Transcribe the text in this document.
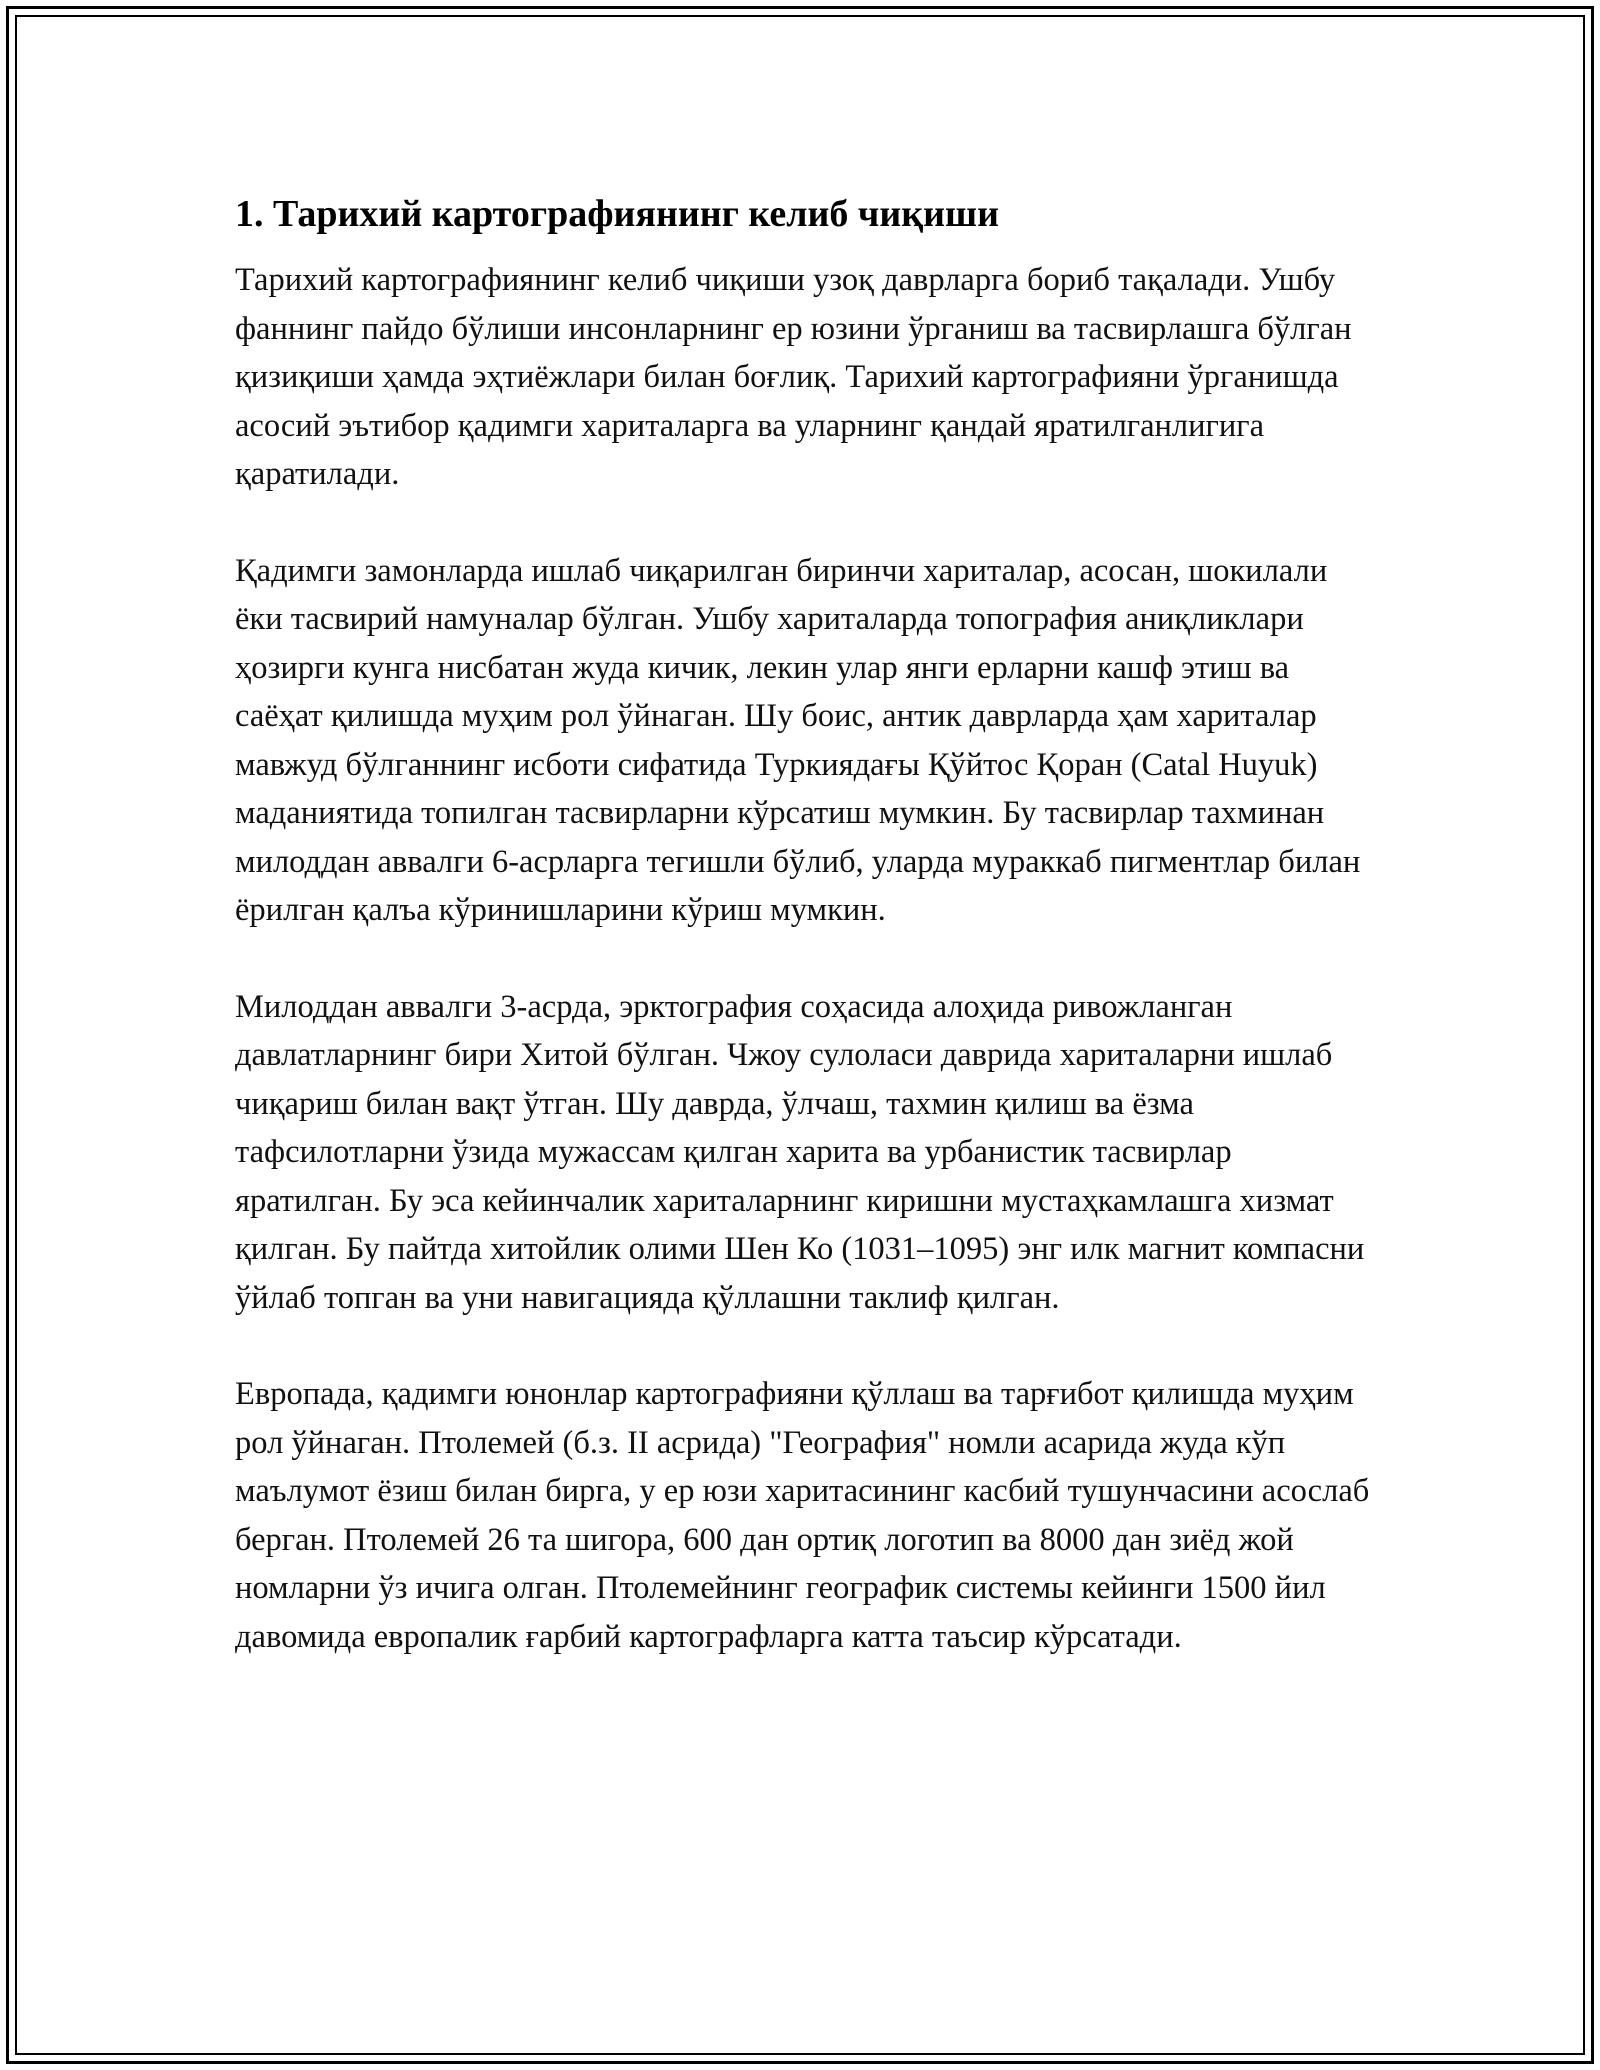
1. Тарихий картографиянинг келиб чиқиши

Тарихий картографиянинг келиб чиқиши узоқ даврларга бориб тақалади. Ушбу фаннинг пайдо бўлиши инсонларнинг ер юзини ўрганиш ва тасвирлашга бўлган қизиқиши ҳамда эҳтиёжлари билан боғлиқ. Тарихий картографияни ўрганишда асосий эътибор қадимги хариталарга ва уларнинг қандай яратилганлигига қаратилади.

Қадимги замонларда ишлаб чиқарилган биринчи хариталар, асосан, шокилали ёки тасвирий намуналар бўлган. Ушбу хариталарда топография аниқликлари ҳозирги кунга нисбатан жуда кичик, лекин улар янги ерларни кашф этиш ва саёҳат қилишда муҳим рол ўйнаган. Шу боис, антик даврларда ҳам хариталар мавжуд бўлганнинг исботи сифатида Туркиядағы Қўйтос Қоран (Catal Huyuk) маданиятида топилган тасвирларни кўрсатиш мумкин. Бу тасвирлар тахминан милоддан аввалги 6-асрларга тегишли бўлиб, уларда мураккаб пигментлар билан ёрилган қалъа кўринишларини кўриш мумкин.

Милоддан аввалги 3-асрда, эрктография соҳасида алоҳида ривожланган давлатларнинг бири Хитой бўлган. Чжоу сулоласи даврида хариталарни ишлаб чиқариш билан вақт ўтган. Шу даврда, ўлчаш, тахмин қилиш ва ёзма тафсилотларни ўзида мужассам қилган харита ва урбанистик тасвирлар яратилган. Бу эса кейинчалик хариталарнинг киришни мустаҳкамлашга хизмат қилган. Бу пайтда хитойлик олими Шен Ко (1031–1095) энг илк магнит компасни ўйлаб топган ва уни навигацияда қўллашни таклиф қилган.

Европада, қадимги юнонлар картографияни қўллаш ва тарғибот қилишда муҳим рол ўйнаган. Птолемей (б.з. II асрида) "География" номли асарида жуда кўп маълумот ёзиш билан бирга, у ер юзи харитасининг касбий тушунчасини асослаб берган. Птолемей 26 та шигора, 600 дан ортиқ логотип ва 8000 дан зиёд жой номларни ўз ичига олган. Птолемейнинг географик системы кейинги 1500 йил давомида европалик ғарбий картографларга катта таъсир кўрсатади.
